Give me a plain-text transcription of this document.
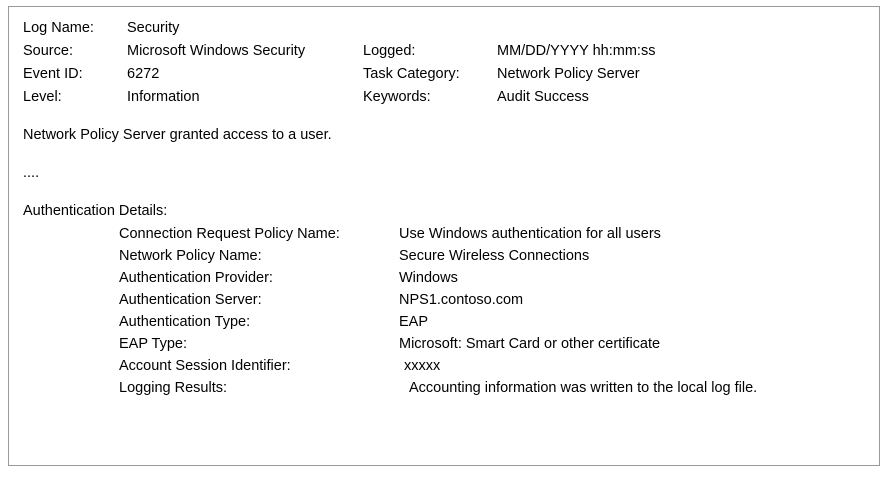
Log Name:	Security
Source:	Microsoft Windows Security	Logged:	MM/DD/YYYY hh:mm:ss
Event ID:	6272	Task Category:	Network Policy Server
Level:	Information	Keywords:	Audit Success
Network Policy Server granted access to a user.
....
Authentication Details:
Connection Request Policy Name:	Use Windows authentication for all users
Network Policy Name:	Secure Wireless Connections
Authentication Provider:	Windows
Authentication Server:	NPS1.contoso.com
Authentication Type:	EAP
EAP Type:	Microsoft: Smart Card or other certificate
Account Session Identifier:	xxxxx
Logging Results:	Accounting information was written to the local log file.
